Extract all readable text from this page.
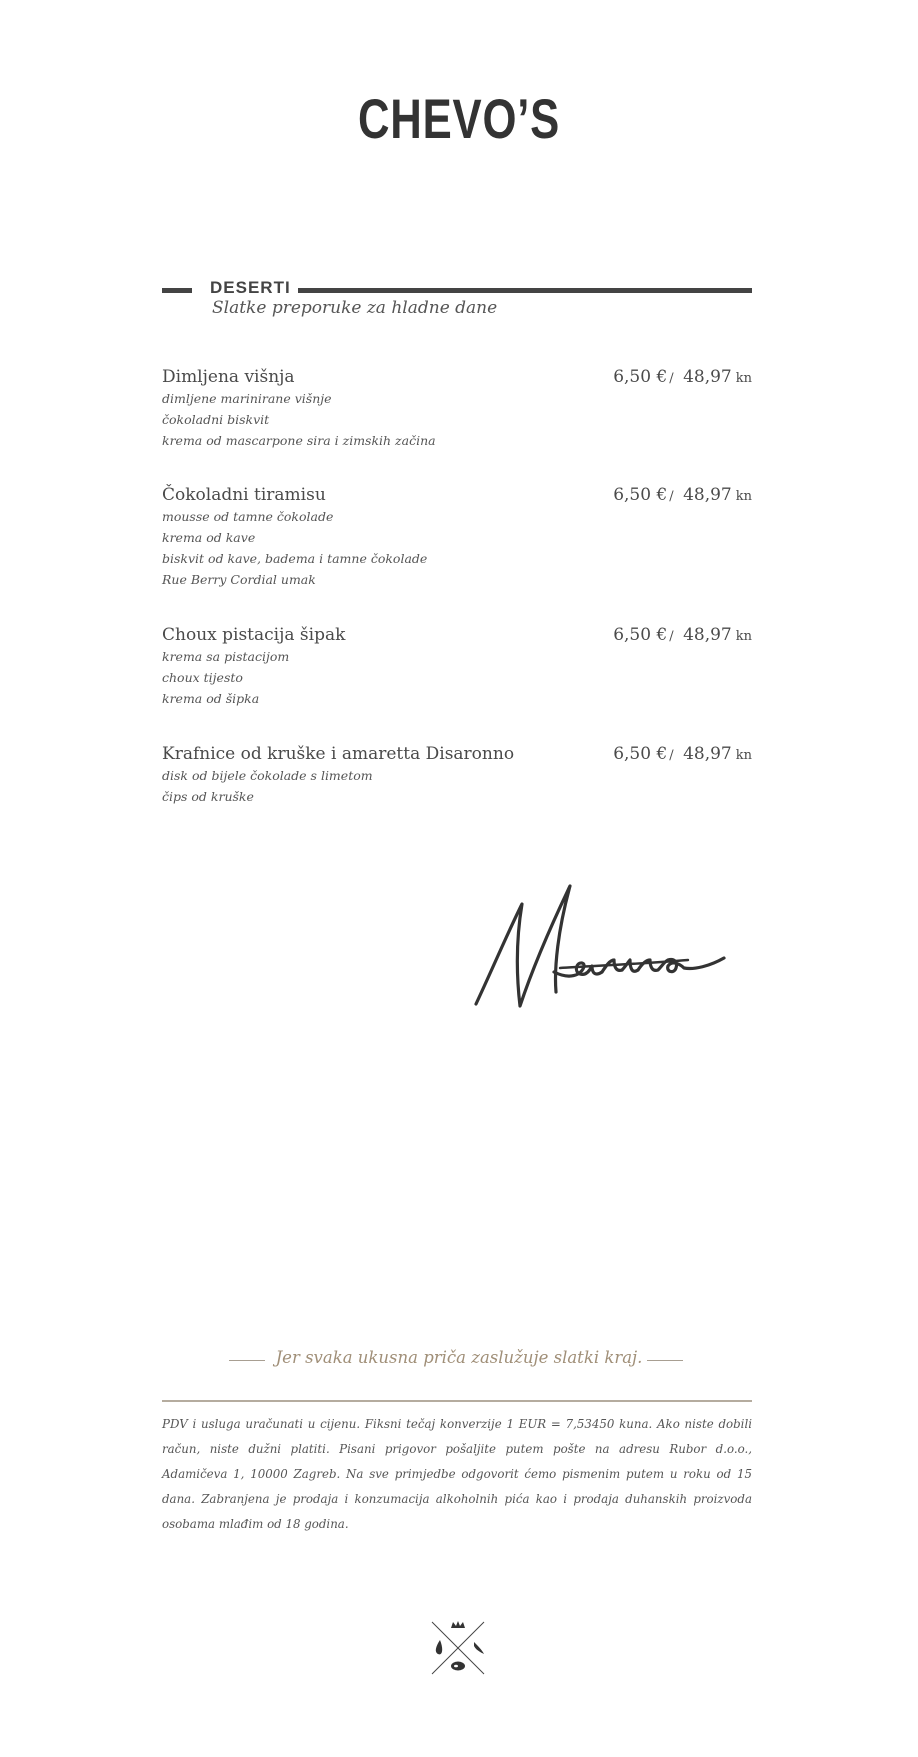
CHEVO’S
DESERTI
Slatke preporuke za hladne dane
Dimljena višnja	6,50 € / 48,97 kn
dimljene marinirane višnje
čokoladni biskvit
krema od mascarpone sira i zimskih začina
Čokoladni tiramisu	6,50 € / 48,97 kn
mousse od tamne čokolade
krema od kave
biskvit od kave, badema i tamne čokolade
Rue Berry Cordial umak
Choux pistacija šipak	6,50 € / 48,97 kn
krema sa pistacijom
choux tijesto
krema od šipka
Krafnice od kruške i amaretta Disaronno	6,50 € / 48,97 kn
disk od bijele čokolade s limetom
čips od kruške
Jer svaka ukusna priča zaslužuje slatki kraj.
PDV i usluga uračunati u cijenu. Fiksni tečaj konverzije 1 EUR = 7,53450 kuna. Ako niste dobili račun, niste dužni platiti. Pisani prigovor pošaljite putem pošte na adresu Rubor d.o.o., Adamičeva 1, 10000 Zagreb. Na sve primjedbe odgovorit ćemo pismenim putem u roku od 15 dana. Zabranjena je prodaja i konzumacija alkoholnih pića kao i prodaja duhanskih proizvoda osobama mlađim od 18 godina.
